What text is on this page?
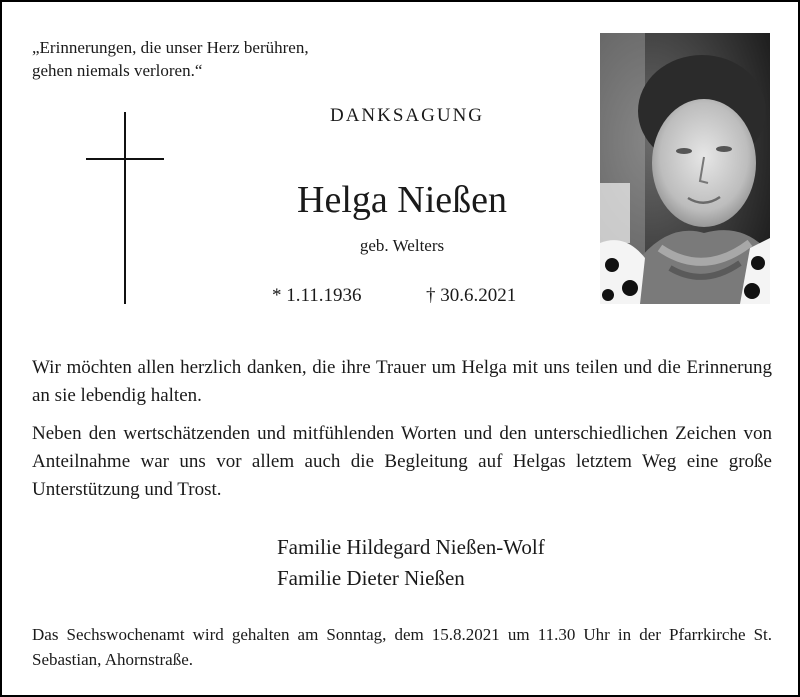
„Erinnerungen, die unser Herz berühren,
gehen niemals verloren.“
DANKSAGUNG
Helga Nießen
geb. Welters
* 1.11.1936	† 30.6.2021
Wir möchten allen herzlich danken, die ihre Trauer um Helga mit uns teilen und die Erinnerung an sie lebendig halten.
Neben den wertschätzenden und mitfühlenden Worten und den unterschiedlichen Zeichen von Anteilnahme war uns vor allem auch die Begleitung auf Helgas letztem Weg eine große Unterstützung und Trost.
Familie Hildegard Nießen-Wolf
Familie Dieter Nießen
Das Sechswochenamt wird gehalten am Sonntag, dem 15.8.2021 um 11.30 Uhr in der Pfarrkirche St. Sebastian, Ahornstraße.
